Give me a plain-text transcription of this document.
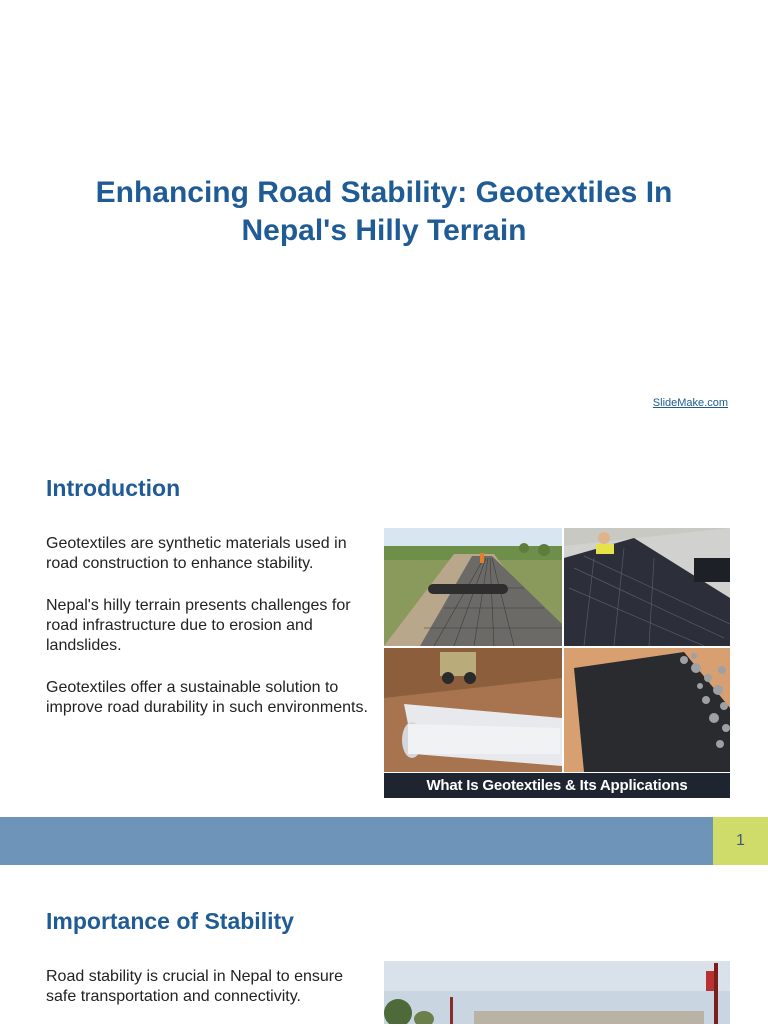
Enhancing Road Stability: Geotextiles In Nepal's Hilly Terrain
SlideMake.com
Introduction

Geotextiles are synthetic materials used in road construction to enhance stability.

Nepal's hilly terrain presents challenges for road infrastructure due to erosion and landslides.

Geotextiles offer a sustainable solution to improve road durability in such environments.

What Is Geotextiles & Its Applications
1
Importance of Stability

Road stability is crucial in Nepal to ensure safe transportation and connectivity.
